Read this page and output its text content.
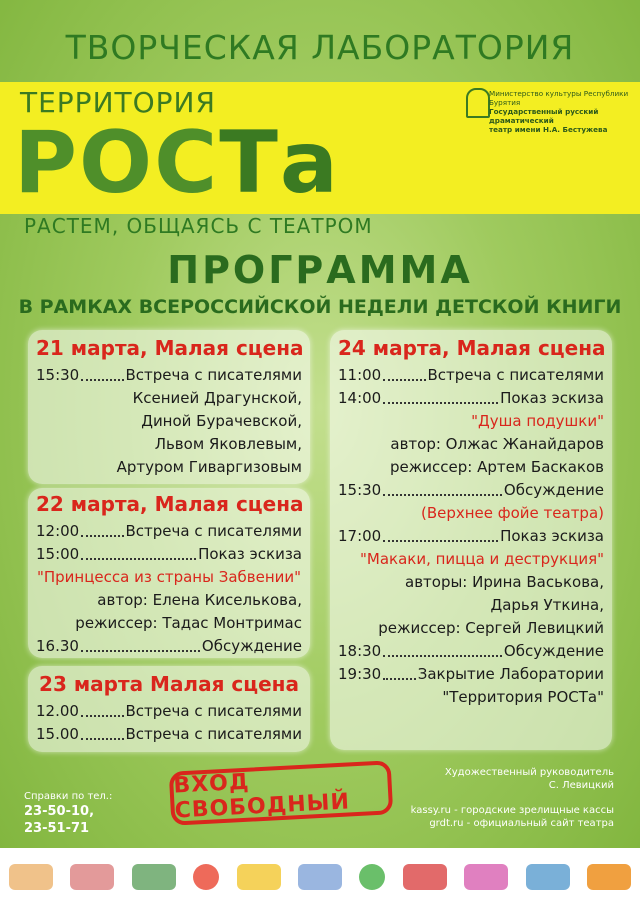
ТВОРЧЕСКАЯ ЛАБОРАТОРИЯ
ТЕРРИТОРИЯ
РОСТа
Министерство культуры Республики Бурятия
Государственный русский драматический
театр имени Н.А. Бестужева
РАСТЕМ, ОБЩАЯСЬ С ТЕАТРОМ
ПРОГРАММА
В РАМКАХ ВСЕРОССИЙСКОЙ НЕДЕЛИ ДЕТСКОЙ КНИГИ
21 марта, Малая сцена
15:30	Встреча с писателями
Ксенией Драгунской,
Диной Бурачевской,
Львом Яковлевым,
Артуром Гиваргизовым
22 марта, Малая сцена
12:00	Встреча с писателями
15:00	Показ эскиза
"Принцесса из страны Забвении"
автор: Елена Киселькова,
режиссер: Тадас Монтримас
16.30	Обсуждение
23 марта Малая сцена
12.00	Встреча с писателями
15.00	Встреча с писателями
24 марта, Малая сцена
11:00	Встреча с писателями
14:00	Показ эскиза
"Душа подушки"
автор: Олжас Жанайдаров
режиссер: Артем Баскаков
15:30	Обсуждение
(Верхнее фойе театра)
17:00	Показ эскиза
"Макаки, пицца и деструкция"
авторы: Ирина Васькова,
Дарья Уткина,
режиссер: Сергей Левицкий
18:30	Обсуждение
19:30 Закрытие Лаборатории
"Территория РОСТа"
ВХОД СВОБОДНЫЙ
Справки по тел.:
23-50-10,
23-51-71
Художественный руководитель
С. Левицкий
kassy.ru - городские зрелищные кассы
grdt.ru - официальный сайт театра
